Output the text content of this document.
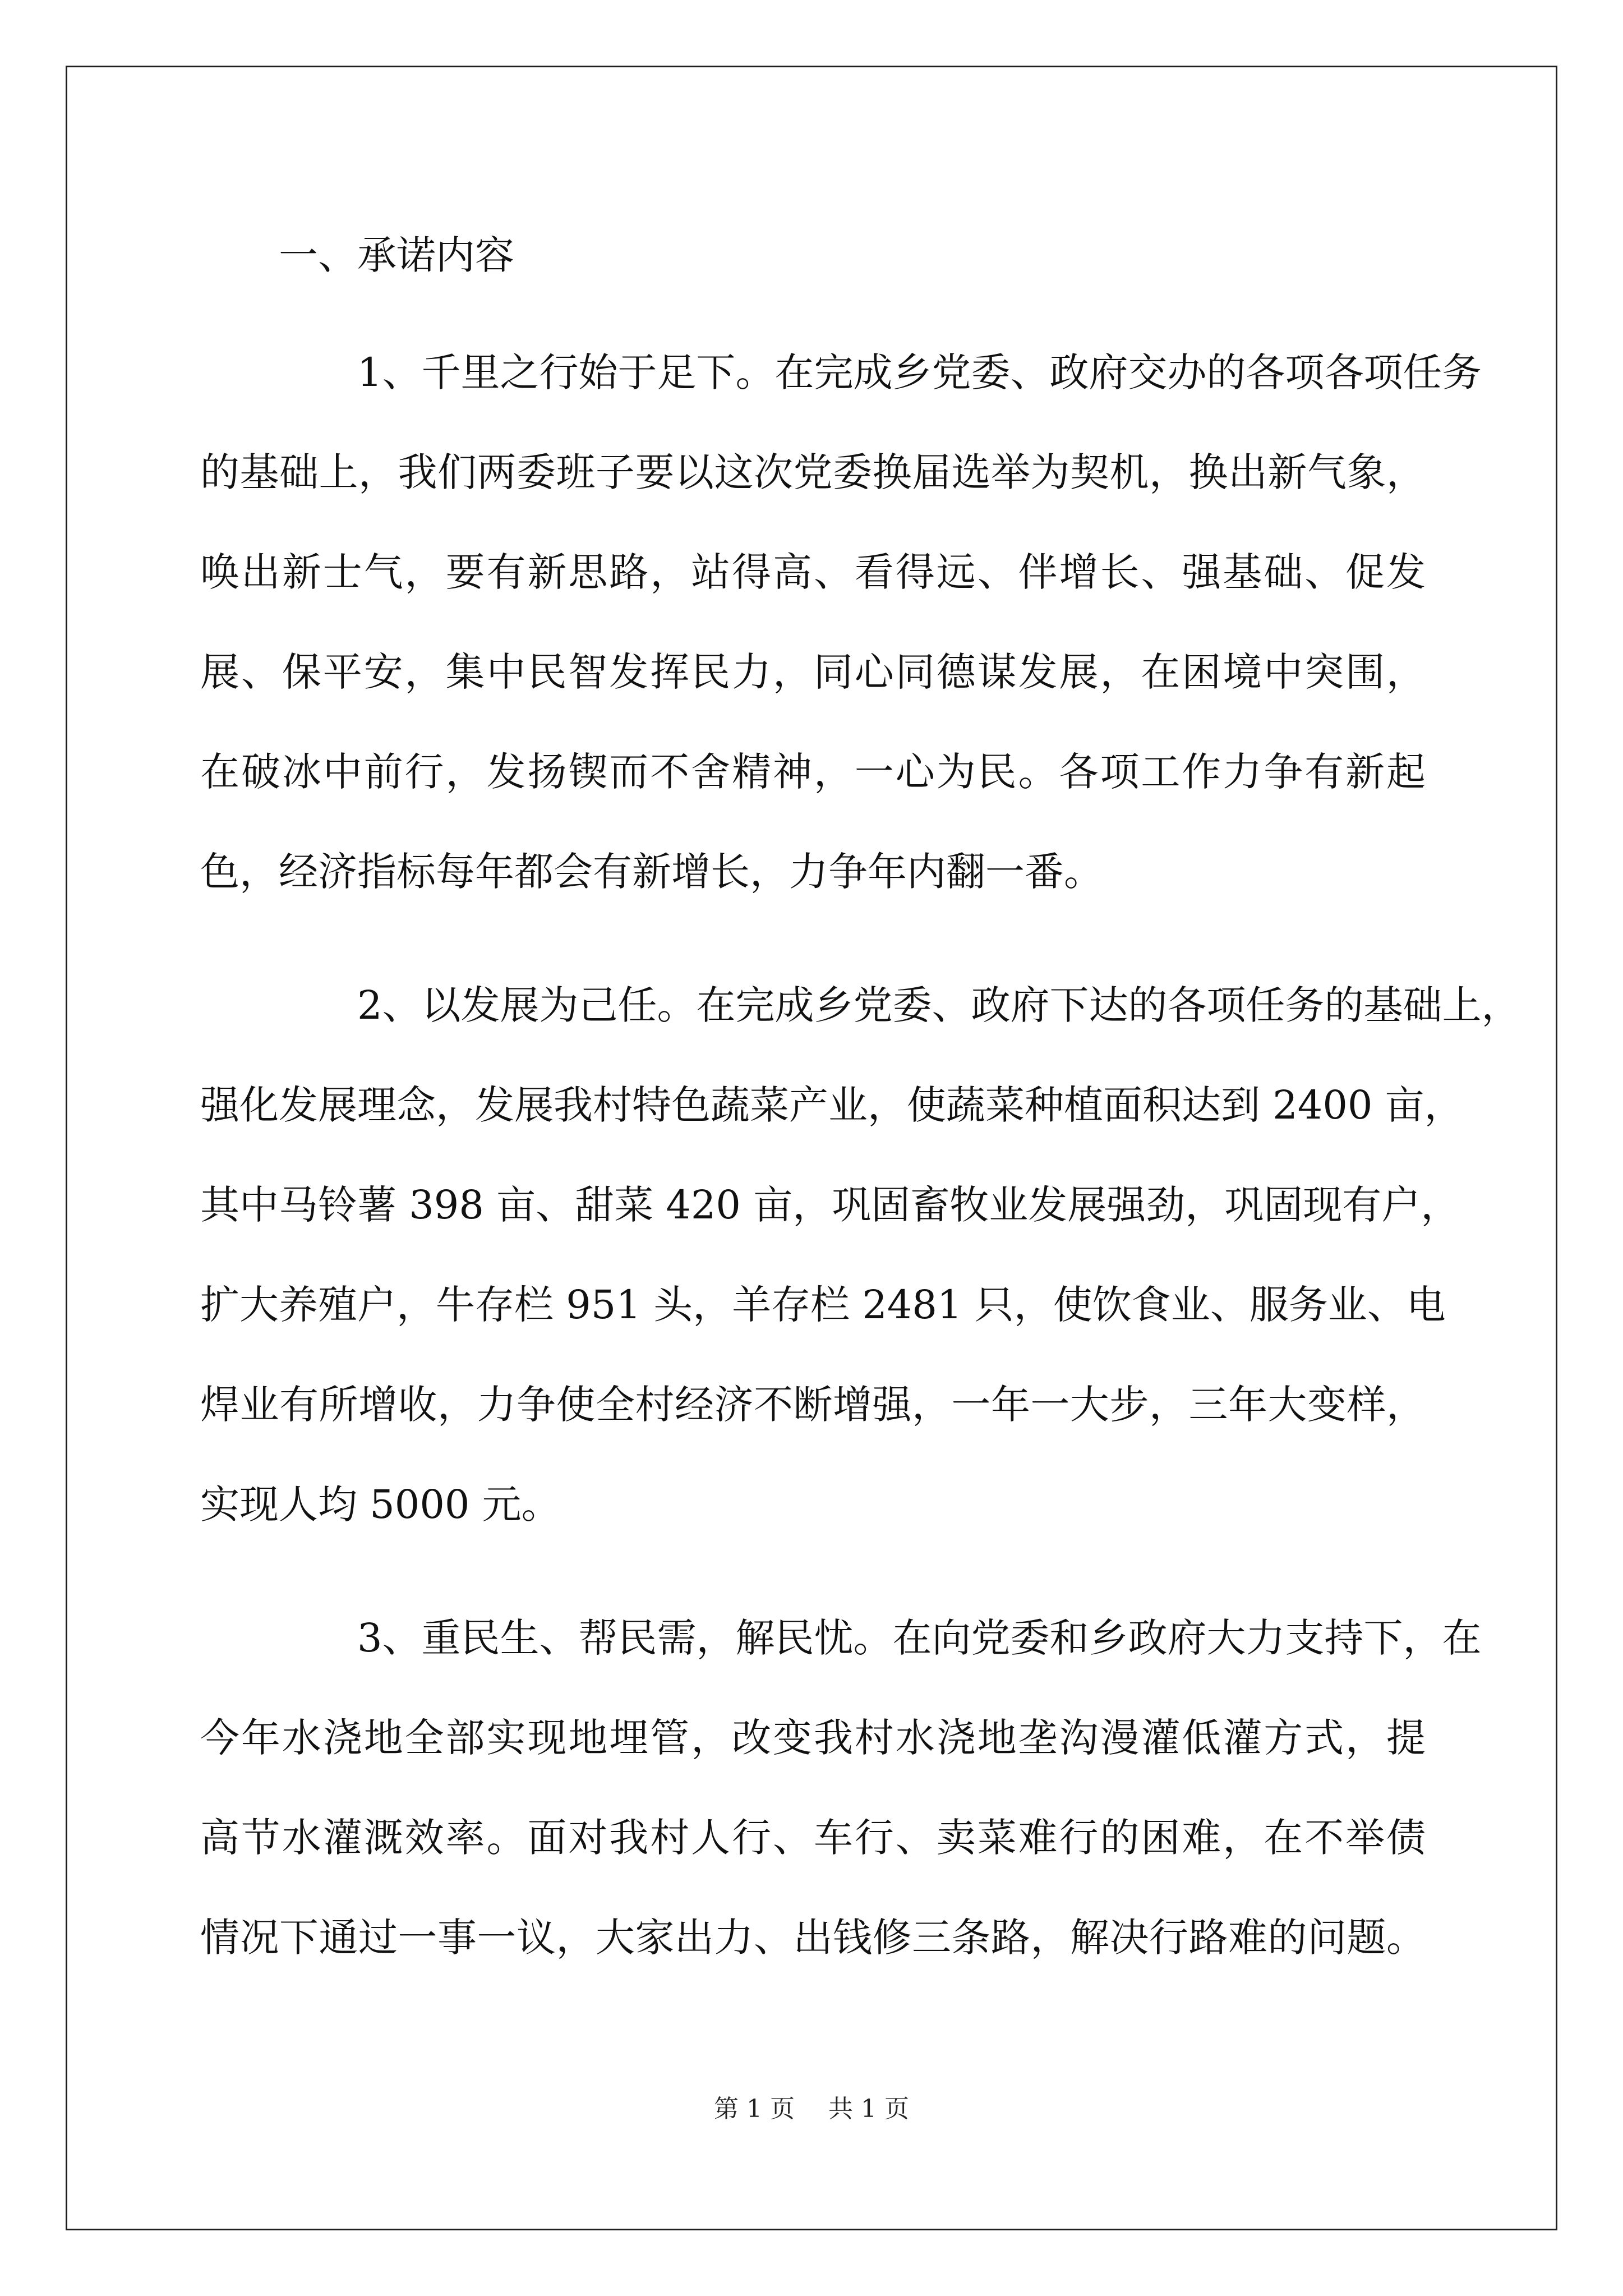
一、承诺内容
1、千里之行始于足下。在完成乡党委、政府交办的各项各项任务
的基础上，我们两委班子要以这次党委换届选举为契机，换出新气象，
唤出新士气，要有新思路，站得高、看得远、伴增长、强基础、促发
展、保平安，集中民智发挥民力，同心同德谋发展，在困境中突围，
在破冰中前行，发扬锲而不舍精神，一心为民。各项工作力争有新起
色，经济指标每年都会有新增长，力争年内翻一番。
2、以发展为己任。在完成乡党委、政府下达的各项任务的基础上，
强化发展理念，发展我村特色蔬菜产业，使蔬菜种植面积达到 2400 亩，
其中马铃薯 398 亩、甜菜 420 亩，巩固畜牧业发展强劲，巩固现有户，
扩大养殖户，牛存栏 951 头，羊存栏 2481 只，使饮食业、服务业、电
焊业有所增收，力争使全村经济不断增强，一年一大步，三年大变样，
实现人均 5000 元。
3、重民生、帮民需，解民忧。在向党委和乡政府大力支持下，在
今年水浇地全部实现地埋管，改变我村水浇地垄沟漫灌低灌方式，提
高节水灌溉效率。面对我村人行、车行、卖菜难行的困难，在不举债
情况下通过一事一议，大家出力、出钱修三条路，解决行路难的问题。
第 1 页 共 1 页
